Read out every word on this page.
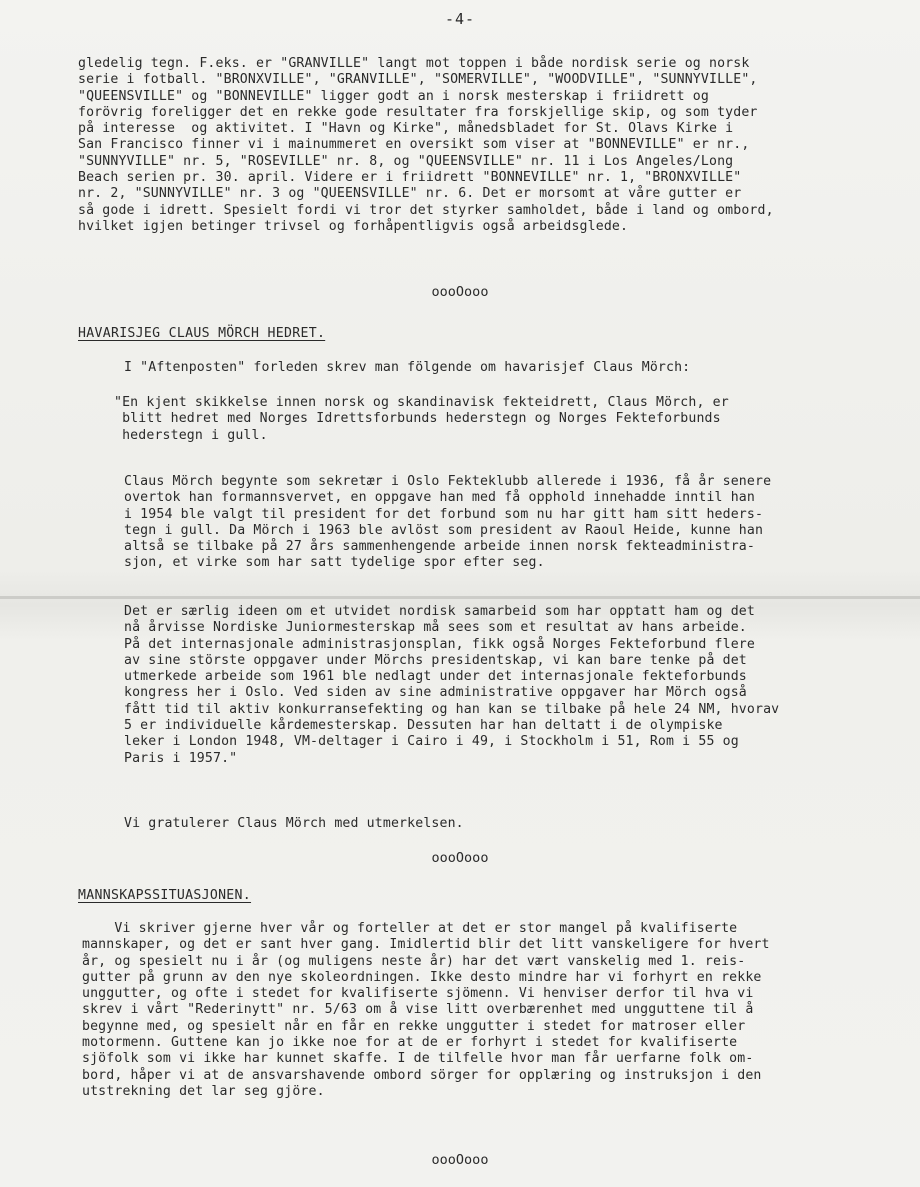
-4-
gledelig tegn. F.eks. er "GRANVILLE" langt mot toppen i både nordisk serie og norsk
serie i fotball. "BRONXVILLE", "GRANVILLE", "SOMERVILLE", "WOODVILLE", "SUNNYVILLE",
"QUEENSVILLE" og "BONNEVILLE" ligger godt an i norsk mesterskap i friidrett og
forövrig foreligger det en rekke gode resultater fra forskjellige skip, og som tyder
på interesse  og aktivitet. I "Havn og Kirke", månedsbladet for St. Olavs Kirke i
San Francisco finner vi i mainummeret en oversikt som viser at "BONNEVILLE" er nr.,
"SUNNYVILLE" nr. 5, "ROSEVILLE" nr. 8, og "QUEENSVILLE" nr. 11 i Los Angeles/Long
Beach serien pr. 30. april. Videre er i friidrett "BONNEVILLE" nr. 1, "BRONXVILLE"
nr. 2, "SUNNYVILLE" nr. 3 og "QUEENSVILLE" nr. 6. Det er morsomt at våre gutter er
så gode i idrett. Spesielt fordi vi tror det styrker samholdet, både i land og ombord,
hvilket igjen betinger trivsel og forhåpentligvis også arbeidsglede.
oooOooo
HAVARISJEG CLAUS MÖRCH HEDRET.
I "Aftenposten" forleden skrev man fölgende om havarisjef Claus Mörch:
"En kjent skikkelse innen norsk og skandinavisk fekteidrett, Claus Mörch, er
blitt hedret med Norges Idrettsforbunds hederstegn og Norges Fekteforbunds
hederstegn i gull.
Claus Mörch begynte som sekretær i Oslo Fekteklubb allerede i 1936, få år senere
overtok han formannsvervet, en oppgave han med få opphold innehadde inntil han
i 1954 ble valgt til president for det forbund som nu har gitt ham sitt heders-
tegn i gull. Da Mörch i 1963 ble avlöst som president av Raoul Heide, kunne han
altså se tilbake på 27 års sammenhengende arbeide innen norsk fekteadministra-
sjon, et virke som har satt tydelige spor efter seg.
Det er særlig ideen om et utvidet nordisk samarbeid som har opptatt ham og det
nå årvisse Nordiske Juniormesterskap må sees som et resultat av hans arbeide.
På det internasjonale administrasjonsplan, fikk også Norges Fekteforbund flere
av sine störste oppgaver under Mörchs presidentskap, vi kan bare tenke på det
utmerkede arbeide som 1961 ble nedlagt under det internasjonale fekteforbunds
kongress her i Oslo. Ved siden av sine administrative oppgaver har Mörch også
fått tid til aktiv konkurransefekting og han kan se tilbake på hele 24 NM, hvorav
5 er individuelle kårdemesterskap. Dessuten har han deltatt i de olympiske
leker i London 1948, VM-deltager i Cairo i 49, i Stockholm i 51, Rom i 55 og
Paris i 1957."
Vi gratulerer Claus Mörch med utmerkelsen.
oooOooo
MANNSKAPSSITUASJONEN.
Vi skriver gjerne hver vår og forteller at det er stor mangel på kvalifiserte
mannskaper, og det er sant hver gang. Imidlertid blir det litt vanskeligere for hvert
år, og spesielt nu i år (og muligens neste år) har det vært vanskelig med 1. reis-
gutter på grunn av den nye skoleordningen. Ikke desto mindre har vi forhyrt en rekke
unggutter, og ofte i stedet for kvalifiserte sjömenn. Vi henviser derfor til hva vi
skrev i vårt "Rederinytt" nr. 5/63 om å vise litt overbærenhet med ungguttene til å
begynne med, og spesielt når en får en rekke unggutter i stedet for matroser eller
motormenn. Guttene kan jo ikke noe for at de er forhyrt i stedet for kvalifiserte
sjöfolk som vi ikke har kunnet skaffe. I de tilfelle hvor man får uerfarne folk om-
bord, håper vi at de ansvarshavende ombord sörger for opplæring og instruksjon i den
utstrekning det lar seg gjöre.
oooOooo
